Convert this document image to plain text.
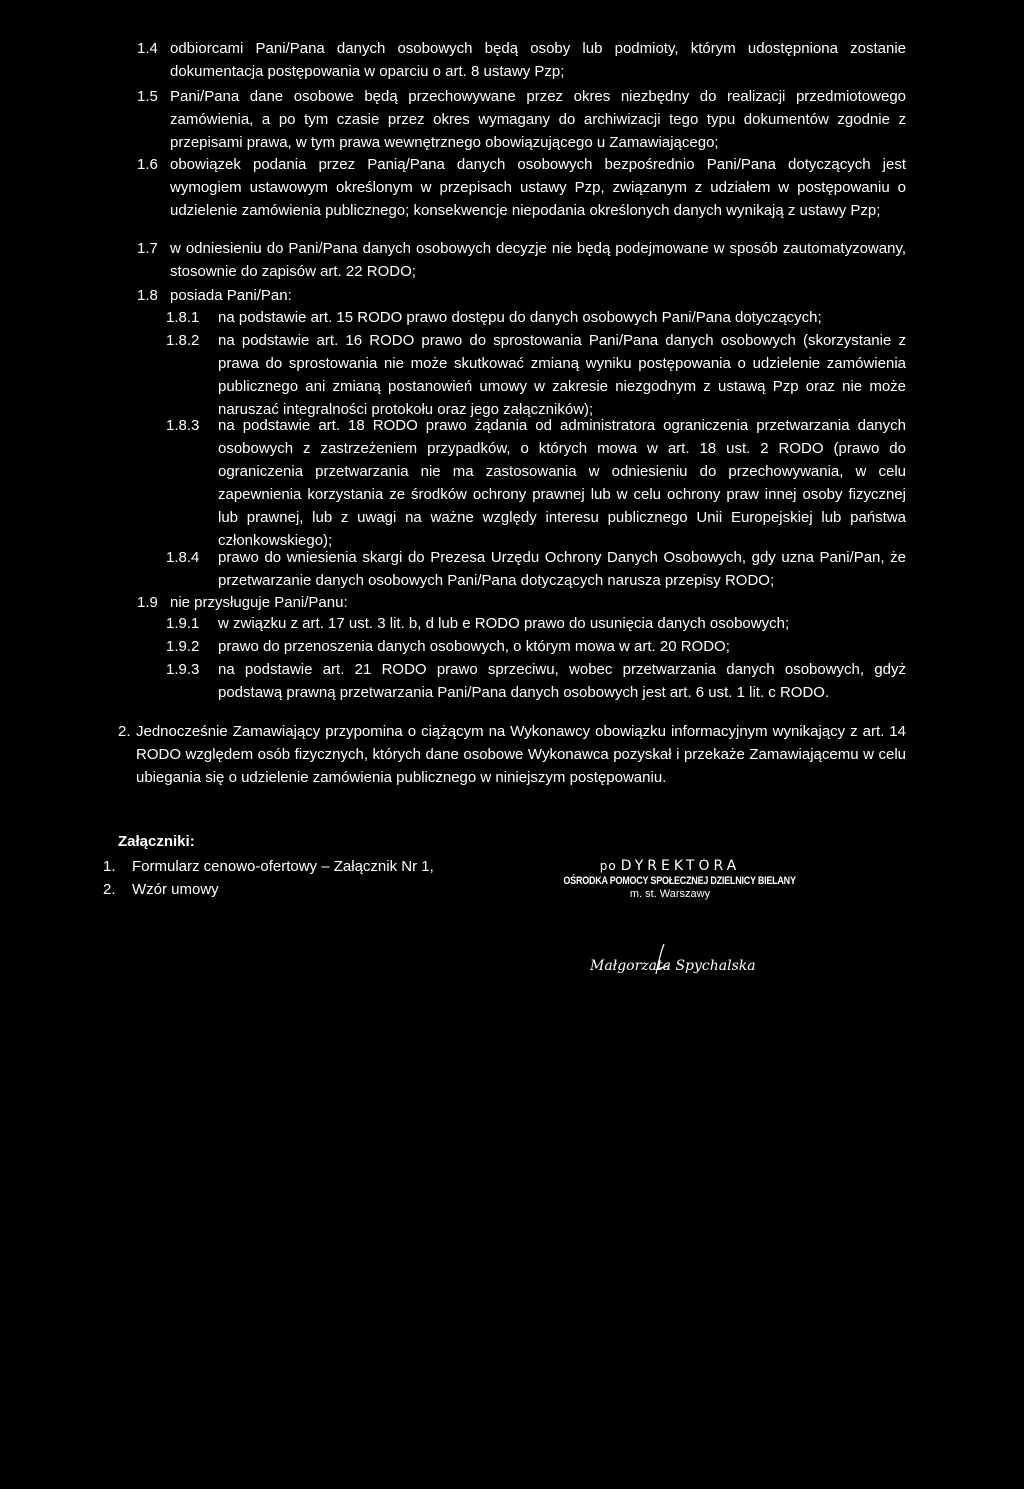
1.4 odbiorcami Pani/Pana danych osobowych będą osoby lub podmioty, którym udostępniona zostanie dokumentacja postępowania w oparciu o art. 8 ustawy Pzp;
1.5 Pani/Pana dane osobowe będą przechowywane przez okres niezbędny do realizacji przedmiotowego zamówienia, a po tym czasie przez okres wymagany do archiwizacji tego typu dokumentów zgodnie z przepisami prawa, w tym prawa wewnętrznego obowiązującego u Zamawiającego;
1.6 obowiązek podania przez Panią/Pana danych osobowych bezpośrednio Pani/Pana dotyczących jest wymogiem ustawowym określonym w przepisach ustawy Pzp, związanym z udziałem w postępowaniu o udzielenie zamówienia publicznego; konsekwencje niepodania określonych danych wynikają z ustawy Pzp;
1.7 w odniesieniu do Pani/Pana danych osobowych decyzje nie będą podejmowane w sposób zautomatyzowany, stosownie do zapisów art. 22 RODO;
1.8 posiada Pani/Pan:
1.8.1 na podstawie art. 15 RODO prawo dostępu do danych osobowych Pani/Pana dotyczących;
1.8.2 na podstawie art. 16 RODO prawo do sprostowania Pani/Pana danych osobowych (skorzystanie z prawa do sprostowania nie może skutkować zmianą wyniku postępowania o udzielenie zamówienia publicznego ani zmianą postanowień umowy w zakresie niezgodnym z ustawą Pzp oraz nie może naruszać integralności protokołu oraz jego załączników);
1.8.3 na podstawie art. 18 RODO prawo żądania od administratora ograniczenia przetwarzania danych osobowych z zastrzeżeniem przypadków, o których mowa w art. 18 ust. 2 RODO (prawo do ograniczenia przetwarzania nie ma zastosowania w odniesieniu do przechowywania, w celu zapewnienia korzystania ze środków ochrony prawnej lub w celu ochrony praw innej osoby fizycznej lub prawnej, lub z uwagi na ważne względy interesu publicznego Unii Europejskiej lub państwa członkowskiego);
1.8.4 prawo do wniesienia skargi do Prezesa Urzędu Ochrony Danych Osobowych, gdy uzna Pani/Pan, że przetwarzanie danych osobowych Pani/Pana dotyczących narusza przepisy RODO;
1.9 nie przysługuje Pani/Panu:
1.9.1 w związku z art. 17 ust. 3 lit. b, d lub e RODO prawo do usunięcia danych osobowych;
1.9.2 prawo do przenoszenia danych osobowych, o którym mowa w art. 20 RODO;
1.9.3 na podstawie art. 21 RODO prawo sprzeciwu, wobec przetwarzania danych osobowych, gdyż podstawą prawną przetwarzania Pani/Pana danych osobowych jest art. 6 ust. 1 lit. c RODO.
2. Jednocześnie Zamawiający przypomina o ciążącym na Wykonawcy obowiązku informacyjnym wynikający z art. 14 RODO względem osób fizycznych, których dane osobowe Wykonawca pozyskał i przekaże Zamawiającemu w celu ubiegania się o udzielenie zamówienia publicznego w niniejszym postępowaniu.
Załączniki:
1.	Formularz cenowo-ofertowy – Załącznik Nr 1,
2.	Wzór umowy
po DYREKTORA
OŚRODKA POMOCY SPOŁECZNEJ DZIELNICY BIELANY
m. st. Warszawy
Małgorzata Spychalska
